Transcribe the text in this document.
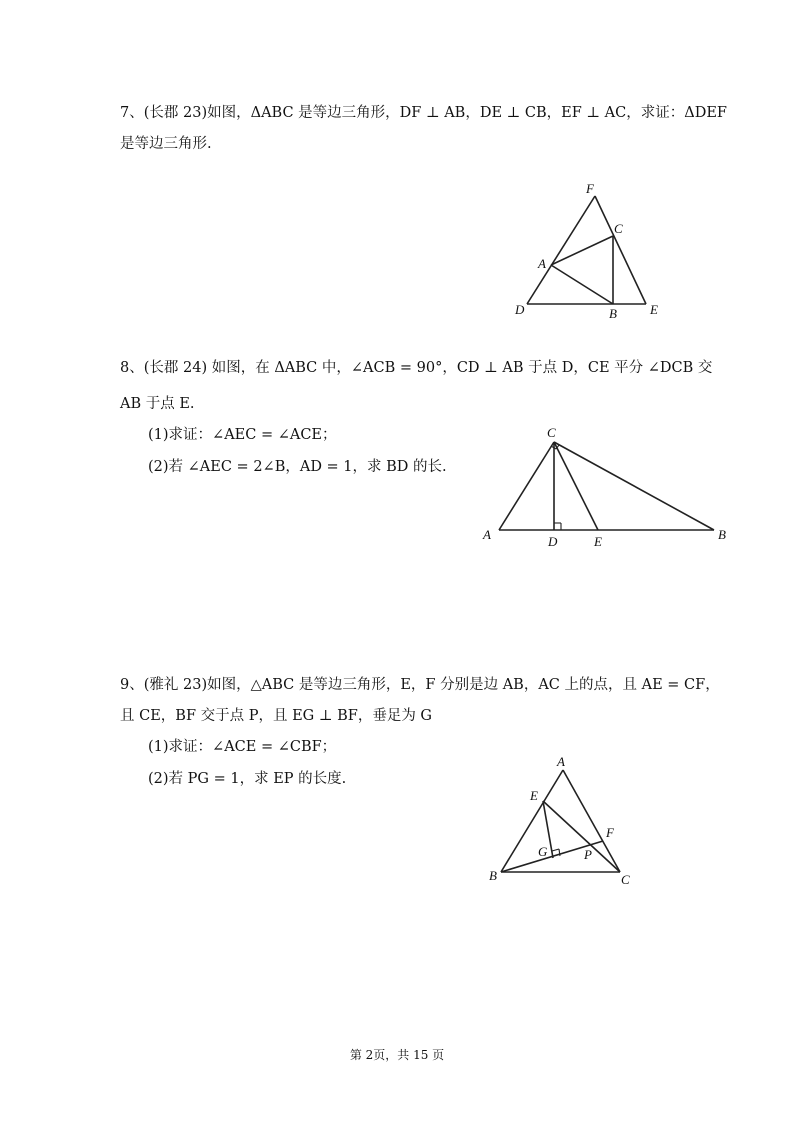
7、(长郡 23)如图，ΔABC 是等边三角形，DF ⊥ AB，DE ⊥ CB，EF ⊥ AC，求证：ΔDEF
是等边三角形.
F
C
A
D	B	E
8、(长郡 24) 如图，在 ΔABC 中，∠ACB = 90°，CD ⊥ AB 于点 D，CE 平分 ∠DCB 交
AB 于点 E.
(1)求证：∠AEC = ∠ACE；
(2)若 ∠AEC = 2∠B，AD = 1，求 BD 的长.
C
A	D	E	B
9、(雅礼 23)如图，△ABC 是等边三角形，E，F 分别是边 AB，AC 上的点，且 AE = CF，
且 CE，BF 交于点 P，且 EG ⊥ BF，垂足为 G
(1)求证：∠ACE = ∠CBF；
(2)若 PG = 1，求 EP 的长度.
A
E
F
G	P
B	C
第 2页，共 15 页
